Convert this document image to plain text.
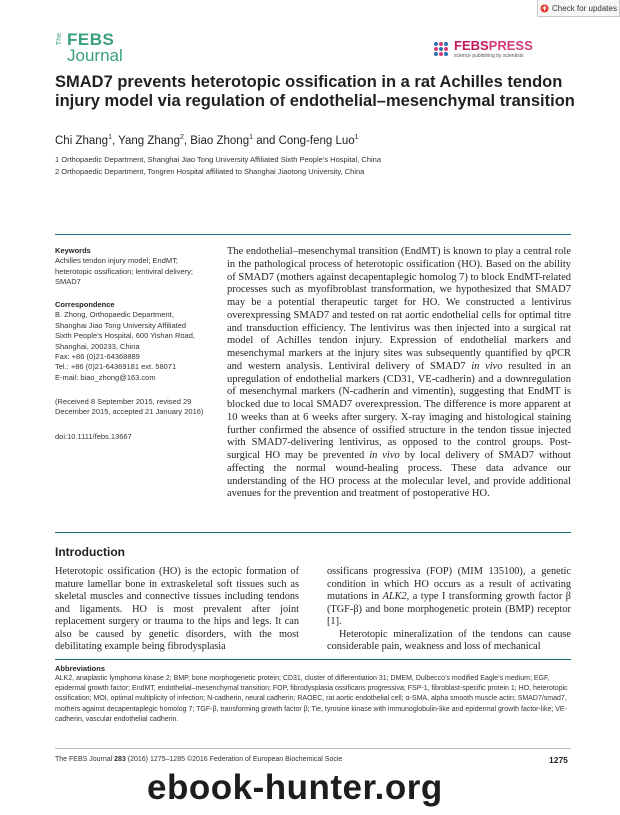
Check for updates
The FEBS
Journal
FEBSPRESS
science publishing by scientists
SMAD7 prevents heterotopic ossification in a rat Achilles tendon injury model via regulation of endothelial–mesenchymal transition
Chi Zhang$^1$, Yang Zhang$^2$, Biao Zhong$^1$ and Cong-feng Luo$^1$
1 Orthopaedic Department, Shanghai Jiao Tong University Affiliated Sixth People’s Hospital, China
2 Orthopaedic Department, Tongren Hospital affiliated to Shanghai Jiaotong University, China
Keywords
Achilles tendon injury model; EndMT; heterotopic ossification; lentiviral delivery; SMAD7
Correspondence
B. Zhong, Orthopaedic Department,
Shanghai Jiao Tong University Affiliated
Sixth People’s Hospital, 600 Yishan Road,
Shanghai, 200233, China
Fax: +86 (0)21-64368889
Tel.: +86 (0)21-64369181 ext. 58071
E-mail: biao_zhong@163.com
(Received 8 September 2015, revised 29 December 2015, accepted 21 January 2016)
doi:10.1111/febs.13667
The endothelial–mesenchymal transition (EndMT) is known to play a central role in the pathological process of heterotopic ossification (HO). Based on the ability of SMAD7 (mothers against decapentaplegic homolog 7) to block EndMT-related processes such as myofibroblast transformation, we hypothesized that SMAD7 may be a potential therapeutic target for HO. We constructed a lentivirus overexpressing SMAD7 and tested on rat aortic endothelial cells for optimal titre and transduction efficiency. The lentivirus was then injected into a surgical rat model of Achilles tendon injury. Expression of endothelial markers and mesenchymal markers at the injury sites was subsequently quantified by qPCR and western analysis. Lentiviral delivery of SMAD7 in vivo resulted in an upregulation of endothelial markers (CD31, VE-cadherin) and a downregulation of mesenchymal markers (N-cadherin and vimentin), suggesting that EndMT is blocked due to local SMAD7 overexpression. The difference is more apparent at 10 weeks than at 6 weeks after surgery. X-ray imaging and histological staining further confirmed the absence of ossified structure in the tendon tissue injected with SMAD7-delivering lentivirus, as opposed to the control groups. Post-surgical HO may be prevented in vivo by local delivery of SMAD7 without affecting the normal wound-healing process. These data advance our understanding of the HO process at the molecular level, and provide additional avenues for the prevention and treatment of postoperative HO.
Introduction

Heterotopic ossification (HO) is the ectopic formation of mature lamellar bone in extraskeletal soft tissues such as skeletal muscles and connective tissues including tendons and ligaments. HO is most prevalent after joint replacement surgery or trauma to the hips and legs. It can also be caused by genetic disorders, with the most debilitating example being fibrodysplasia

ossificans progressiva (FOP) (MIM 135100), a genetic condition in which HO occurs as a result of activating mutations in ALK2, a type I transforming growth factor β (TGF-β) and bone morphogenetic protein (BMP) receptor [1].

Heterotopic mineralization of the tendons can cause considerable pain, weakness and loss of mechanical

Abbreviations
ALK2, anaplastic lymphoma kinase 2; BMP, bone morphogenetic protein; CD31, cluster of differentiation 31; DMEM, Dulbecco’s modified Eagle’s medium; EGF, epidermal growth factor; EndMT, endothelial–mesenchymal transition; FOP, fibrodysplasia ossificans progressiva; FSP-1, fibroblast-specific protein 1; HO, heterotopic ossification; MOI, optimal multiplicity of infection; N-cadherin, neural cadherin; RAOEC, rat aortic endothelial cell; α-SMA, alpha smooth muscle actin; SMAD7/smad7, mothers against decapentaplegic homolog 7; TGF-β, transforming growth factor β; Tie, tyrosine kinase with immunoglobulin-like and epidermal growth factor-like; VE-cadherin, vascular endothelial cadherin.
The FEBS Journal 283 (2016) 1275–1285 ©2016 Federation of European Biochemical Socie	1275
ebook-hunter.org
